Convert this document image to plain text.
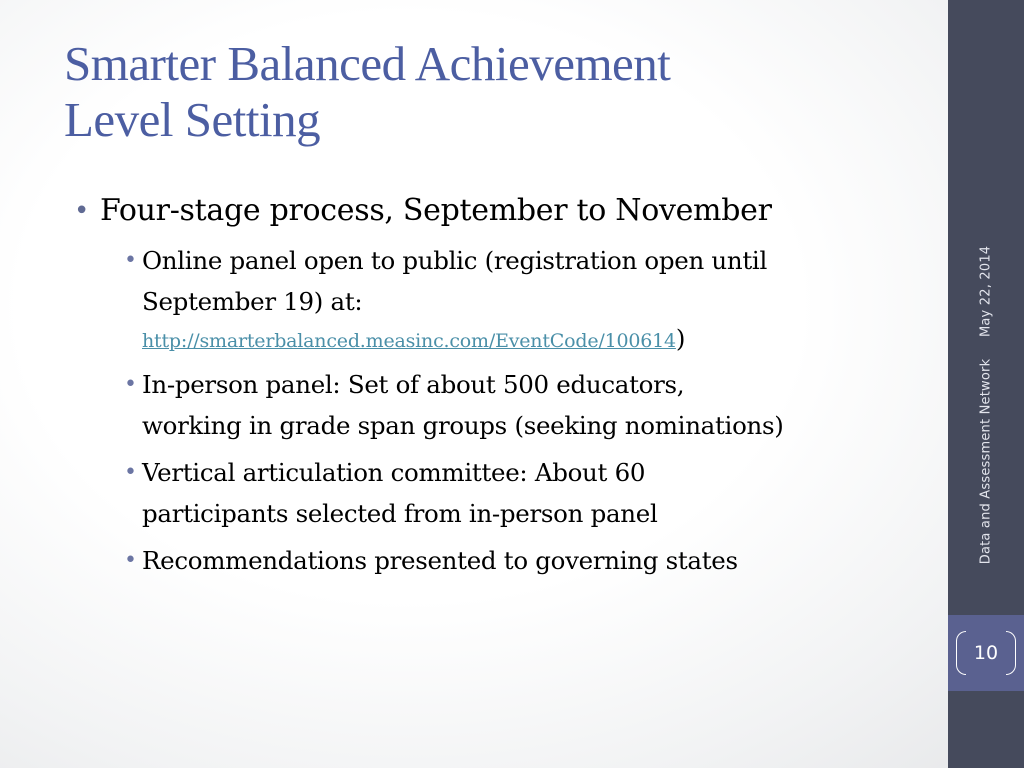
Smarter Balanced Achievement
Level Setting
• Four-stage process, September to November
• Online panel open to public (registration open until
September 19) at:
http://smarterbalanced.measinc.com/EventCode/100614)
• In-person panel: Set of about 500 educators,
working in grade span groups (seeking nominations)
• Vertical articulation committee: About 60
participants selected from in-person panel
• Recommendations presented to governing states	Data and Assessment Network     May 22, 2014
10
